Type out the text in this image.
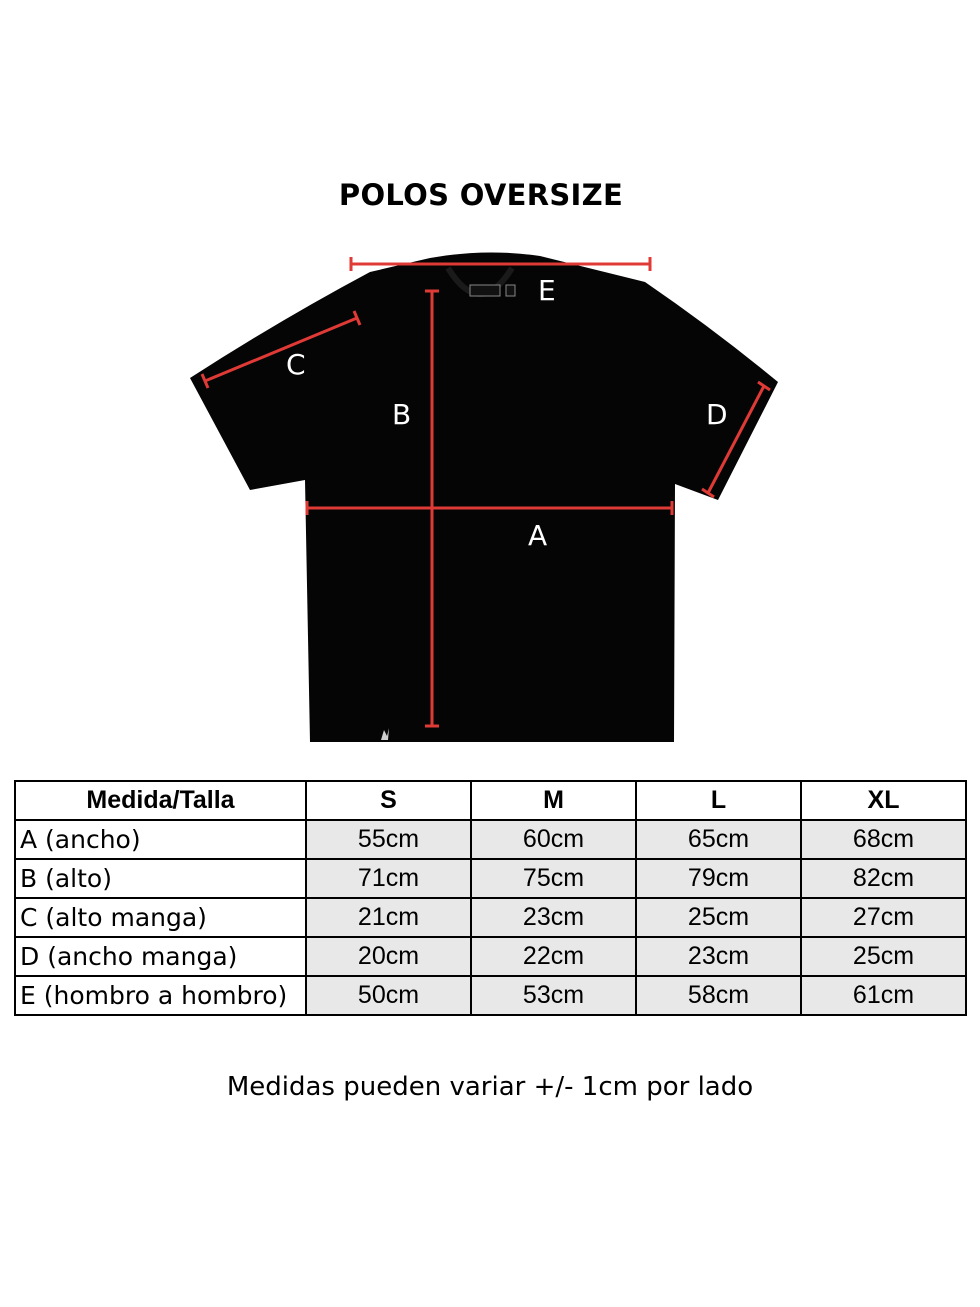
POLOS OVERSIZE
E
C
B	D
A
Medida/Talla	S	M	L	XL
A (ancho)	55cm	60cm	65cm	68cm
B (alto)	71cm	75cm	79cm	82cm
C (alto manga)	21cm	23cm	25cm	27cm
D (ancho manga)	20cm	22cm	23cm	25cm
E (hombro a hombro)	50cm	53cm	58cm	61cm
Medidas pueden variar +/- 1cm por lado
